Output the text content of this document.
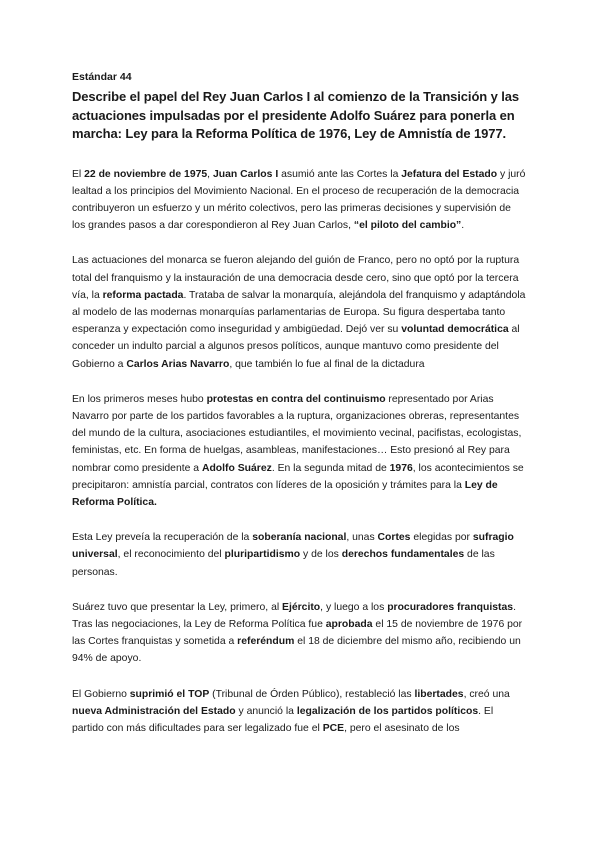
Estándar 44
Describe el papel del Rey Juan Carlos I al comienzo de la Transición y las actuaciones impulsadas por el presidente Adolfo Suárez para ponerla en marcha: Ley para la Reforma Política de 1976, Ley de Amnistía de 1977.

El 22 de noviembre de 1975, Juan Carlos I asumió ante las Cortes la Jefatura del Estado y juró lealtad a los principios del Movimiento Nacional. En el proceso de recuperación de la democracia contribuyeron un esfuerzo y un mérito colectivos, pero las primeras decisiones y supervisión de los grandes pasos a dar corespondieron al Rey Juan Carlos, “el piloto del cambio”.

Las actuaciones del monarca se fueron alejando del guión de Franco, pero no optó por la ruptura total del franquismo y la instauración de una democracia desde cero, sino que optó por la tercera vía, la reforma pactada. Trataba de salvar la monarquía, alejándola del franquismo y adaptándola al modelo de las modernas monarquías parlamentarias de Europa. Su figura despertaba tanto esperanza y expectación como inseguridad y ambigüedad. Dejó ver su voluntad democrática al conceder un indulto parcial a algunos presos políticos, aunque mantuvo como presidente del Gobierno a Carlos Arias Navarro, que también lo fue al final de la dictadura

En los primeros meses hubo protestas en contra del continuismo representado por Arias Navarro por parte de los partidos favorables a la ruptura, organizaciones obreras, representantes del mundo de la cultura, asociaciones estudiantiles, el movimiento vecinal, pacifistas, ecologistas, feministas, etc. En forma de huelgas, asambleas, manifestaciones… Esto presionó al Rey para nombrar como presidente a Adolfo Suárez. En la segunda mitad de 1976, los acontecimientos se precipitaron: amnistía parcial, contratos con líderes de la oposición y trámites para la Ley de Reforma Política.

Esta Ley preveía la recuperación de la soberanía nacional, unas Cortes elegidas por sufragio universal, el reconocimiento del pluripartidismo y de los derechos fundamentales de las personas.

Suárez tuvo que presentar la Ley, primero, al Ejército, y luego a los procuradores franquistas. Tras las negociaciones, la Ley de Reforma Política fue aprobada el 15 de noviembre de 1976 por las Cortes franquistas y sometida a referéndum el 18 de diciembre del mismo año, recibiendo un 94% de apoyo.

El Gobierno suprimió el TOP (Tribunal de Órden Público), restableció las libertades, creó una nueva Administración del Estado y anunció la legalización de los partidos políticos. El partido con más dificultades para ser legalizado fue el PCE, pero el asesinato de los
